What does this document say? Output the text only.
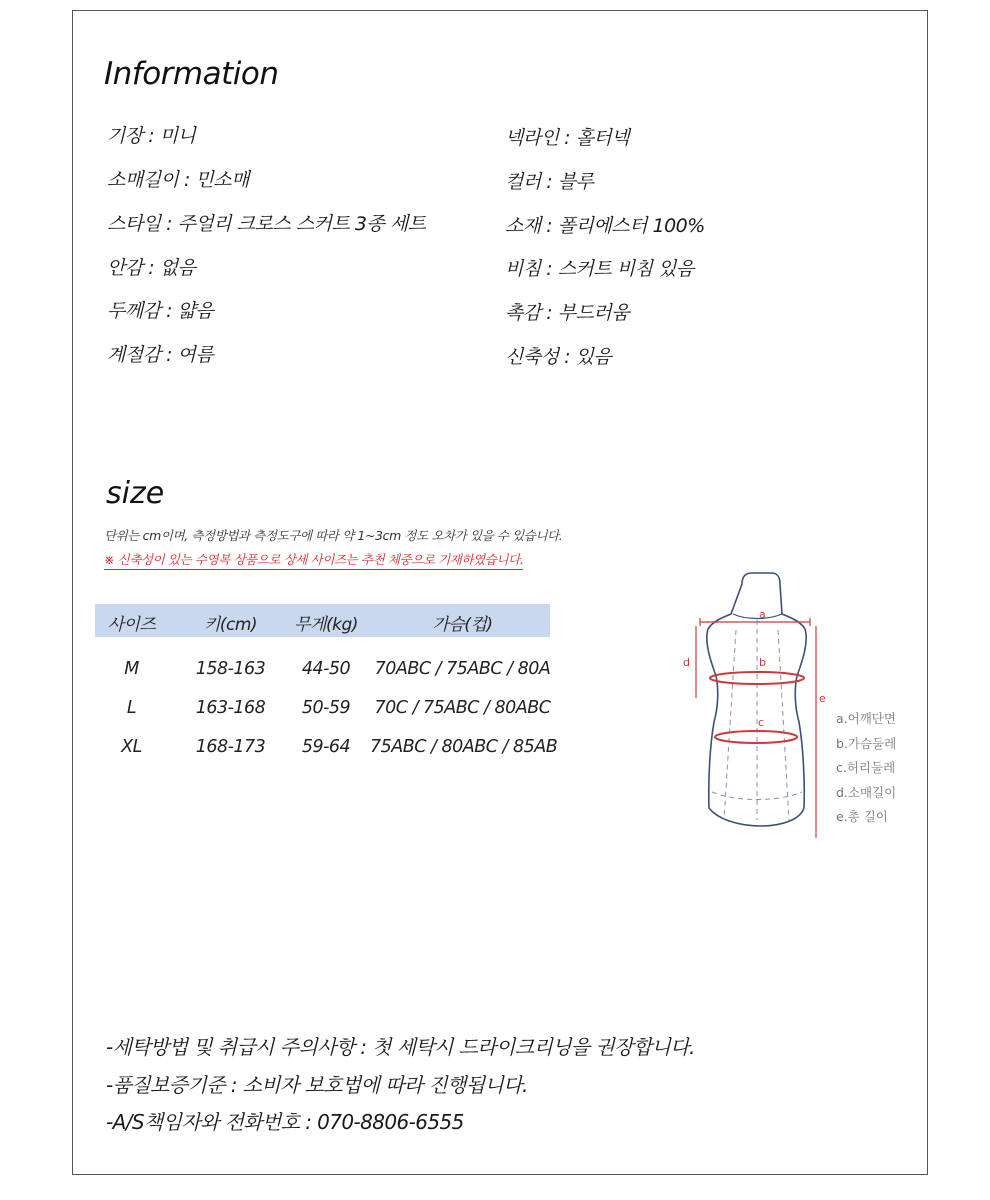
Information
기장 : 미니
소매길이 : 민소매
스타일 : 주얼리 크로스 스커트 3종 세트
안감 : 없음
두께감 : 얇음
계절감 : 여름
넥라인 : 홀터넥
컬러 : 블루
소재 : 폴리에스터 100%
비침 : 스커트 비침 있음
촉감 : 부드러움
신축성 : 있음
size
단위는 cm이며, 측정방법과 측정도구에 따라 약 1~3cm 정도 오차가 있을 수 있습니다.
※ 신축성이 있는 수영복 상품으로 상세 사이즈는 추천 체중으로 기재하였습니다.
사이즈	키(cm)	무게(kg)	가슴(컵)
M	158-163	44-50	70ABC / 75ABC / 80A
L	163-168	50-59	70C / 75ABC / 80ABC
XL	168-173	59-64	75ABC / 80ABC / 85AB
a
b
c
d
e
a.어깨단면
b.가슴둘레
c.허리둘레
d.소매길이
e.총 길이
-세탁방법 및 취급시 주의사항 : 첫 세탁시 드라이크리닝을 권장합니다.
-품질보증기준 : 소비자 보호법에 따라 진행됩니다.
-A/S책임자와 전화번호 : 070-8806-6555
